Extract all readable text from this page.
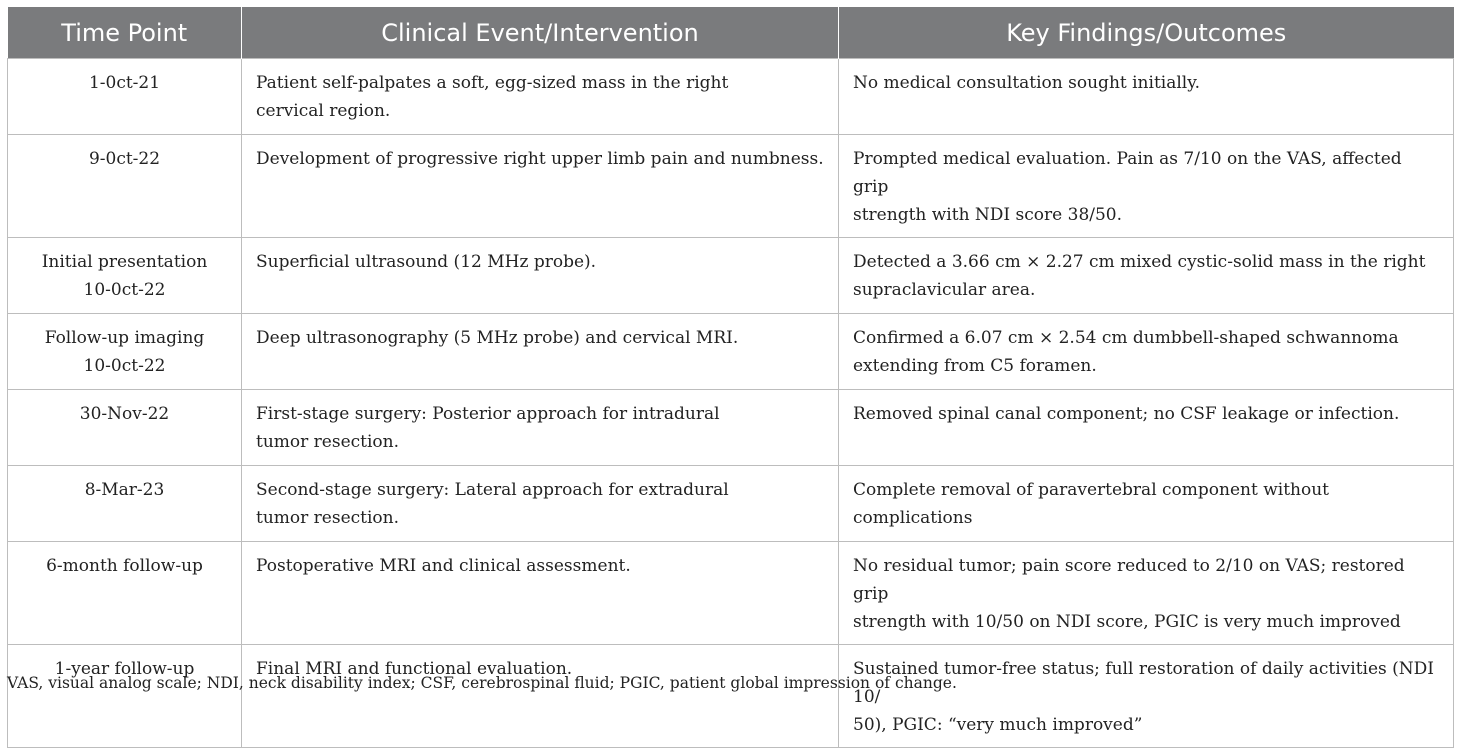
Time Point	Clinical Event/Intervention	Key Findings/Outcomes

1-0ct-21	Patient self-palpates a soft, egg-sized mass in the right
cervical region.	No medical consultation sought initially.

9-0ct-22	Development of progressive right upper limb pain and numbness.	Prompted medical evaluation. Pain as 7/10 on the VAS, affected grip
strength with NDI score 38/50.

Initial presentation
10-0ct-22	Superficial ultrasound (12 MHz probe).	Detected a 3.66 cm × 2.27 cm mixed cystic-solid mass in the right
supraclavicular area.

Follow-up imaging
10-0ct-22	Deep ultrasonography (5 MHz probe) and cervical MRI.	Confirmed a 6.07 cm × 2.54 cm dumbbell-shaped schwannoma
extending from C5 foramen.

30-Nov-22	First-stage surgery: Posterior approach for intradural
tumor resection.	Removed spinal canal component; no CSF leakage or infection.

8-Mar-23	Second-stage surgery: Lateral approach for extradural
tumor resection.	Complete removal of paravertebral component without complications

6-month follow-up	Postoperative MRI and clinical assessment.	No residual tumor; pain score reduced to 2/10 on VAS; restored grip
strength with 10/50 on NDI score, PGIC is very much improved

1-year follow-up	Final MRI and functional evaluation.	Sustained tumor-free status; full restoration of daily activities (NDI 10/
50), PGIC: “very much improved”
VAS, visual analog scale; NDI, neck disability index; CSF, cerebrospinal fluid; PGIC, patient global impression of change.
